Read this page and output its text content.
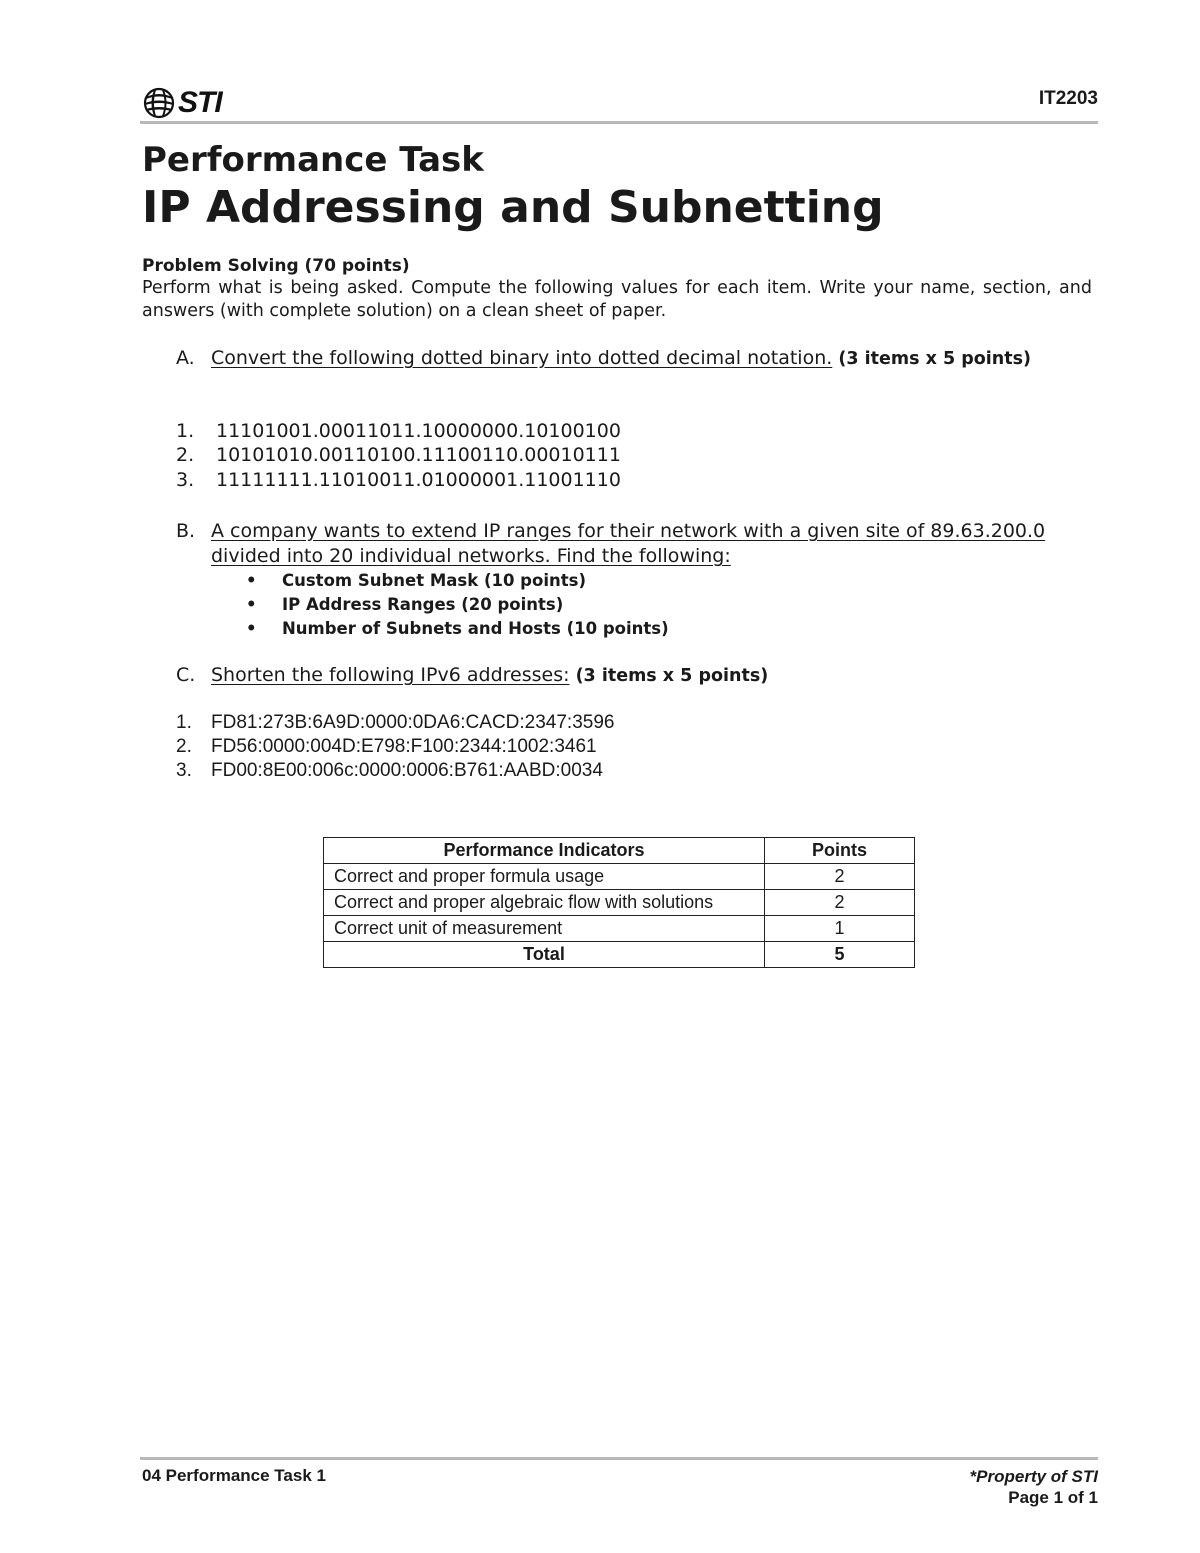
STI	IT2203
Performance Task
IP Addressing and Subnetting
Problem Solving (70 points)
Perform what is being asked. Compute the following values for each item. Write your name, section, and answers (with complete solution) on a clean sheet of paper.
A. Convert the following dotted binary into dotted decimal notation. (3 items x 5 points)
1. 11101001.00011011.10000000.10100100
2. 10101010.00110100.11100110.00010111
3. 11111111.11010011.01000001.11001110
B. A company wants to extend IP ranges for their network with a given site of 89.63.200.0 divided into 20 individual networks. Find the following:
• Custom Subnet Mask (10 points)
• IP Address Ranges (20 points)
• Number of Subnets and Hosts (10 points)
C. Shorten the following IPv6 addresses: (3 items x 5 points)
1. FD81:273B:6A9D:0000:0DA6:CACD:2347:3596
2. FD56:0000:004D:E798:F100:2344:1002:3461
3. FD00:8E00:006c:0000:0006:B761:AABD:0034
Performance Indicators	Points
Correct and proper formula usage	2
Correct and proper algebraic flow with solutions	2
Correct unit of measurement	1
Total	5
04 Performance Task 1	*Property of STI
Page 1 of 1
